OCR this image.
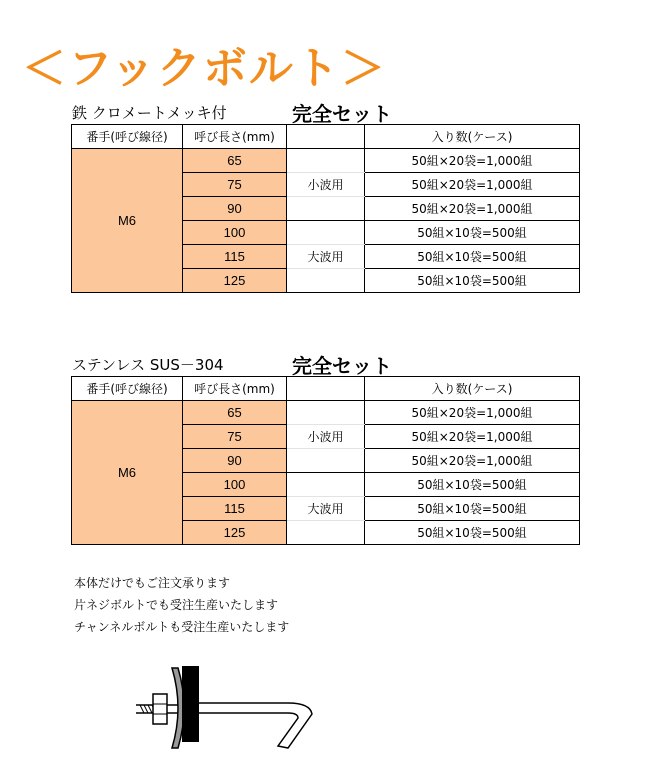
＜フックボルト＞
鉄 クロメートメッキ付	完全セット
番手(呼び線径)	呼び長さ(mm)		入り数(ケース)
M6	65		50組×20袋=1,000組
	75	小波用	50組×20袋=1,000組
	90		50組×20袋=1,000組
	100		50組×10袋=500組
	115	大波用	50組×10袋=500組
	125		50組×10袋=500組
ステンレス SUS－304	完全セット
番手(呼び線径)	呼び長さ(mm)		入り数(ケース)
M6	65		50組×20袋=1,000組
	75	小波用	50組×20袋=1,000組
	90		50組×20袋=1,000組
	100		50組×10袋=500組
	115	大波用	50組×10袋=500組
	125		50組×10袋=500組
本体だけでもご注文承ります
片ネジボルトでも受注生産いたします
チャンネルボルトも受注生産いたします
